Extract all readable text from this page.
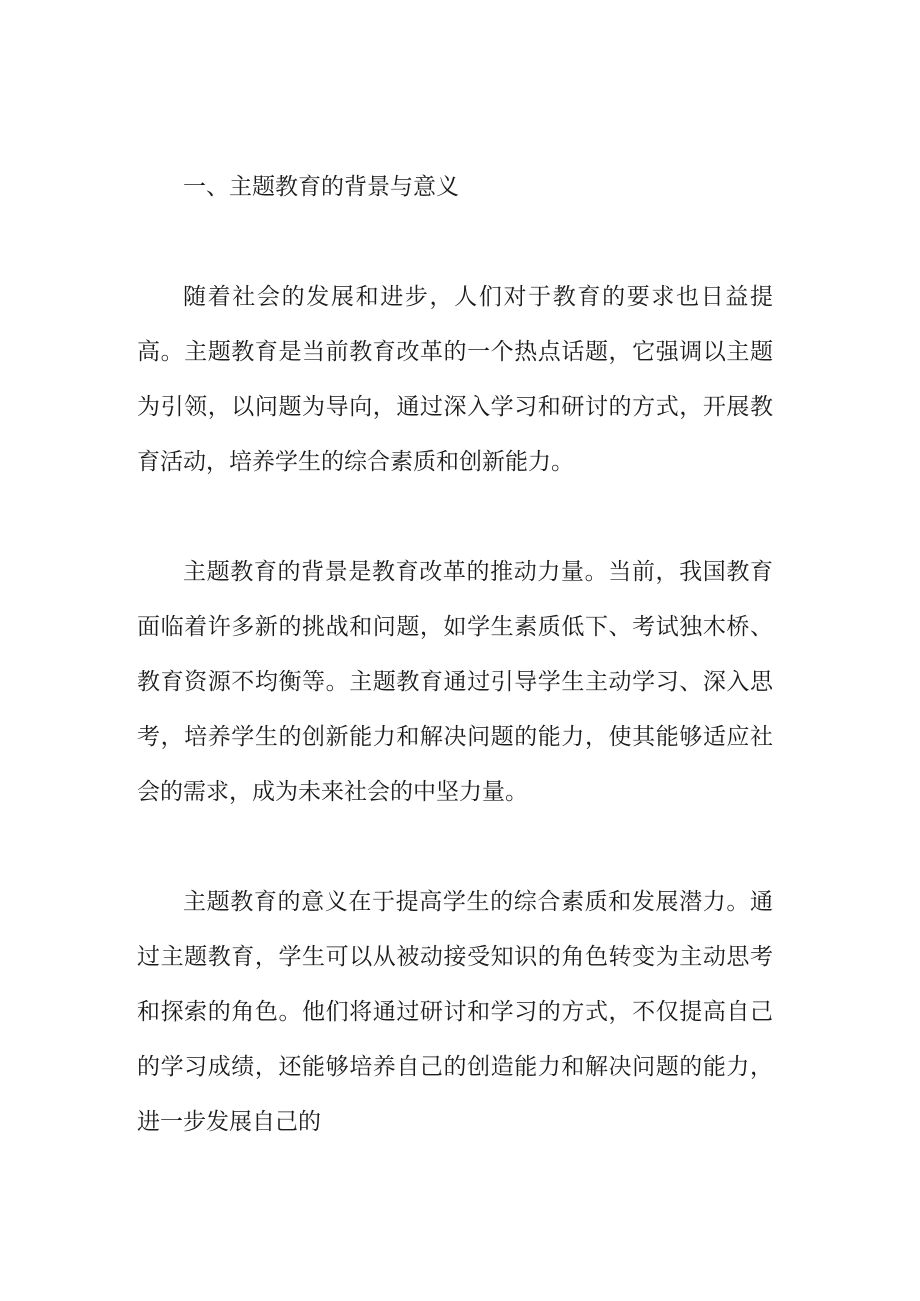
一、主题教育的背景与意义

随着社会的发展和进步，人们对于教育的要求也日益提高。主题教育是当前教育改革的一个热点话题，它强调以主题为引领，以问题为导向，通过深入学习和研讨的方式，开展教育活动，培养学生的综合素质和创新能力。

主题教育的背景是教育改革的推动力量。当前，我国教育面临着许多新的挑战和问题，如学生素质低下、考试独木桥、教育资源不均衡等。主题教育通过引导学生主动学习、深入思考，培养学生的创新能力和解决问题的能力，使其能够适应社会的需求，成为未来社会的中坚力量。

主题教育的意义在于提高学生的综合素质和发展潜力。通过主题教育，学生可以从被动接受知识的角色转变为主动思考和探索的角色。他们将通过研讨和学习的方式，不仅提高自己的学习成绩，还能够培养自己的创造能力和解决问题的能力，进一步发展自己的
